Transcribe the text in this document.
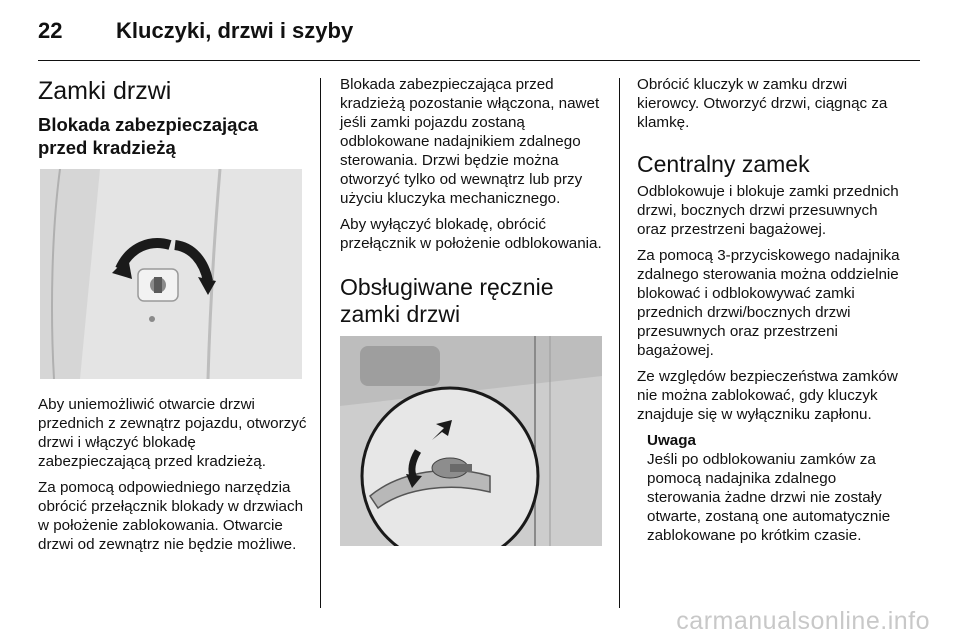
22 Kluczyki, drzwi i szyby
Zamki drzwi
Blokada zabezpieczająca przed kradzieżą

Aby uniemożliwić otwarcie drzwi przednich z zewnątrz pojazdu, otworzyć drzwi i włączyć blokadę zabezpieczającą przed kradzieżą.

Za pomocą odpowiedniego narzędzia obrócić przełącznik blokady w drzwiach w położenie zablokowania. Otwarcie drzwi od zewnątrz nie będzie możliwe.

Blokada zabezpieczająca przed kradzieżą pozostanie włączona, nawet jeśli zamki pojazdu zostaną odblokowane nadajnikiem zdalnego sterowania. Drzwi będzie można otworzyć tylko od wewnątrz lub przy użyciu kluczyka mechanicznego.

Aby wyłączyć blokadę, obrócić przełącznik w położenie odblokowania.

Obsługiwane ręcznie zamki drzwi

Obrócić kluczyk w zamku drzwi kierowcy. Otworzyć drzwi, ciągnąc za klamkę.

Centralny zamek

Odblokowuje i blokuje zamki przednich drzwi, bocznych drzwi przesuwnych oraz przestrzeni bagażowej.

Za pomocą 3-przyciskowego nadajnika zdalnego sterowania można oddzielnie blokować i odblokowywać zamki przednich drzwi/bocznych drzwi przesuwnych oraz przestrzeni bagażowej.

Ze względów bezpieczeństwa zamków nie można zablokować, gdy kluczyk znajduje się w wyłączniku zapłonu.

Uwaga

Jeśli po odblokowaniu zamków za pomocą nadajnika zdalnego sterowania żadne drzwi nie zostały otwarte, zostaną one automatycznie zablokowane po krótkim czasie.

carmanualsonline.info
